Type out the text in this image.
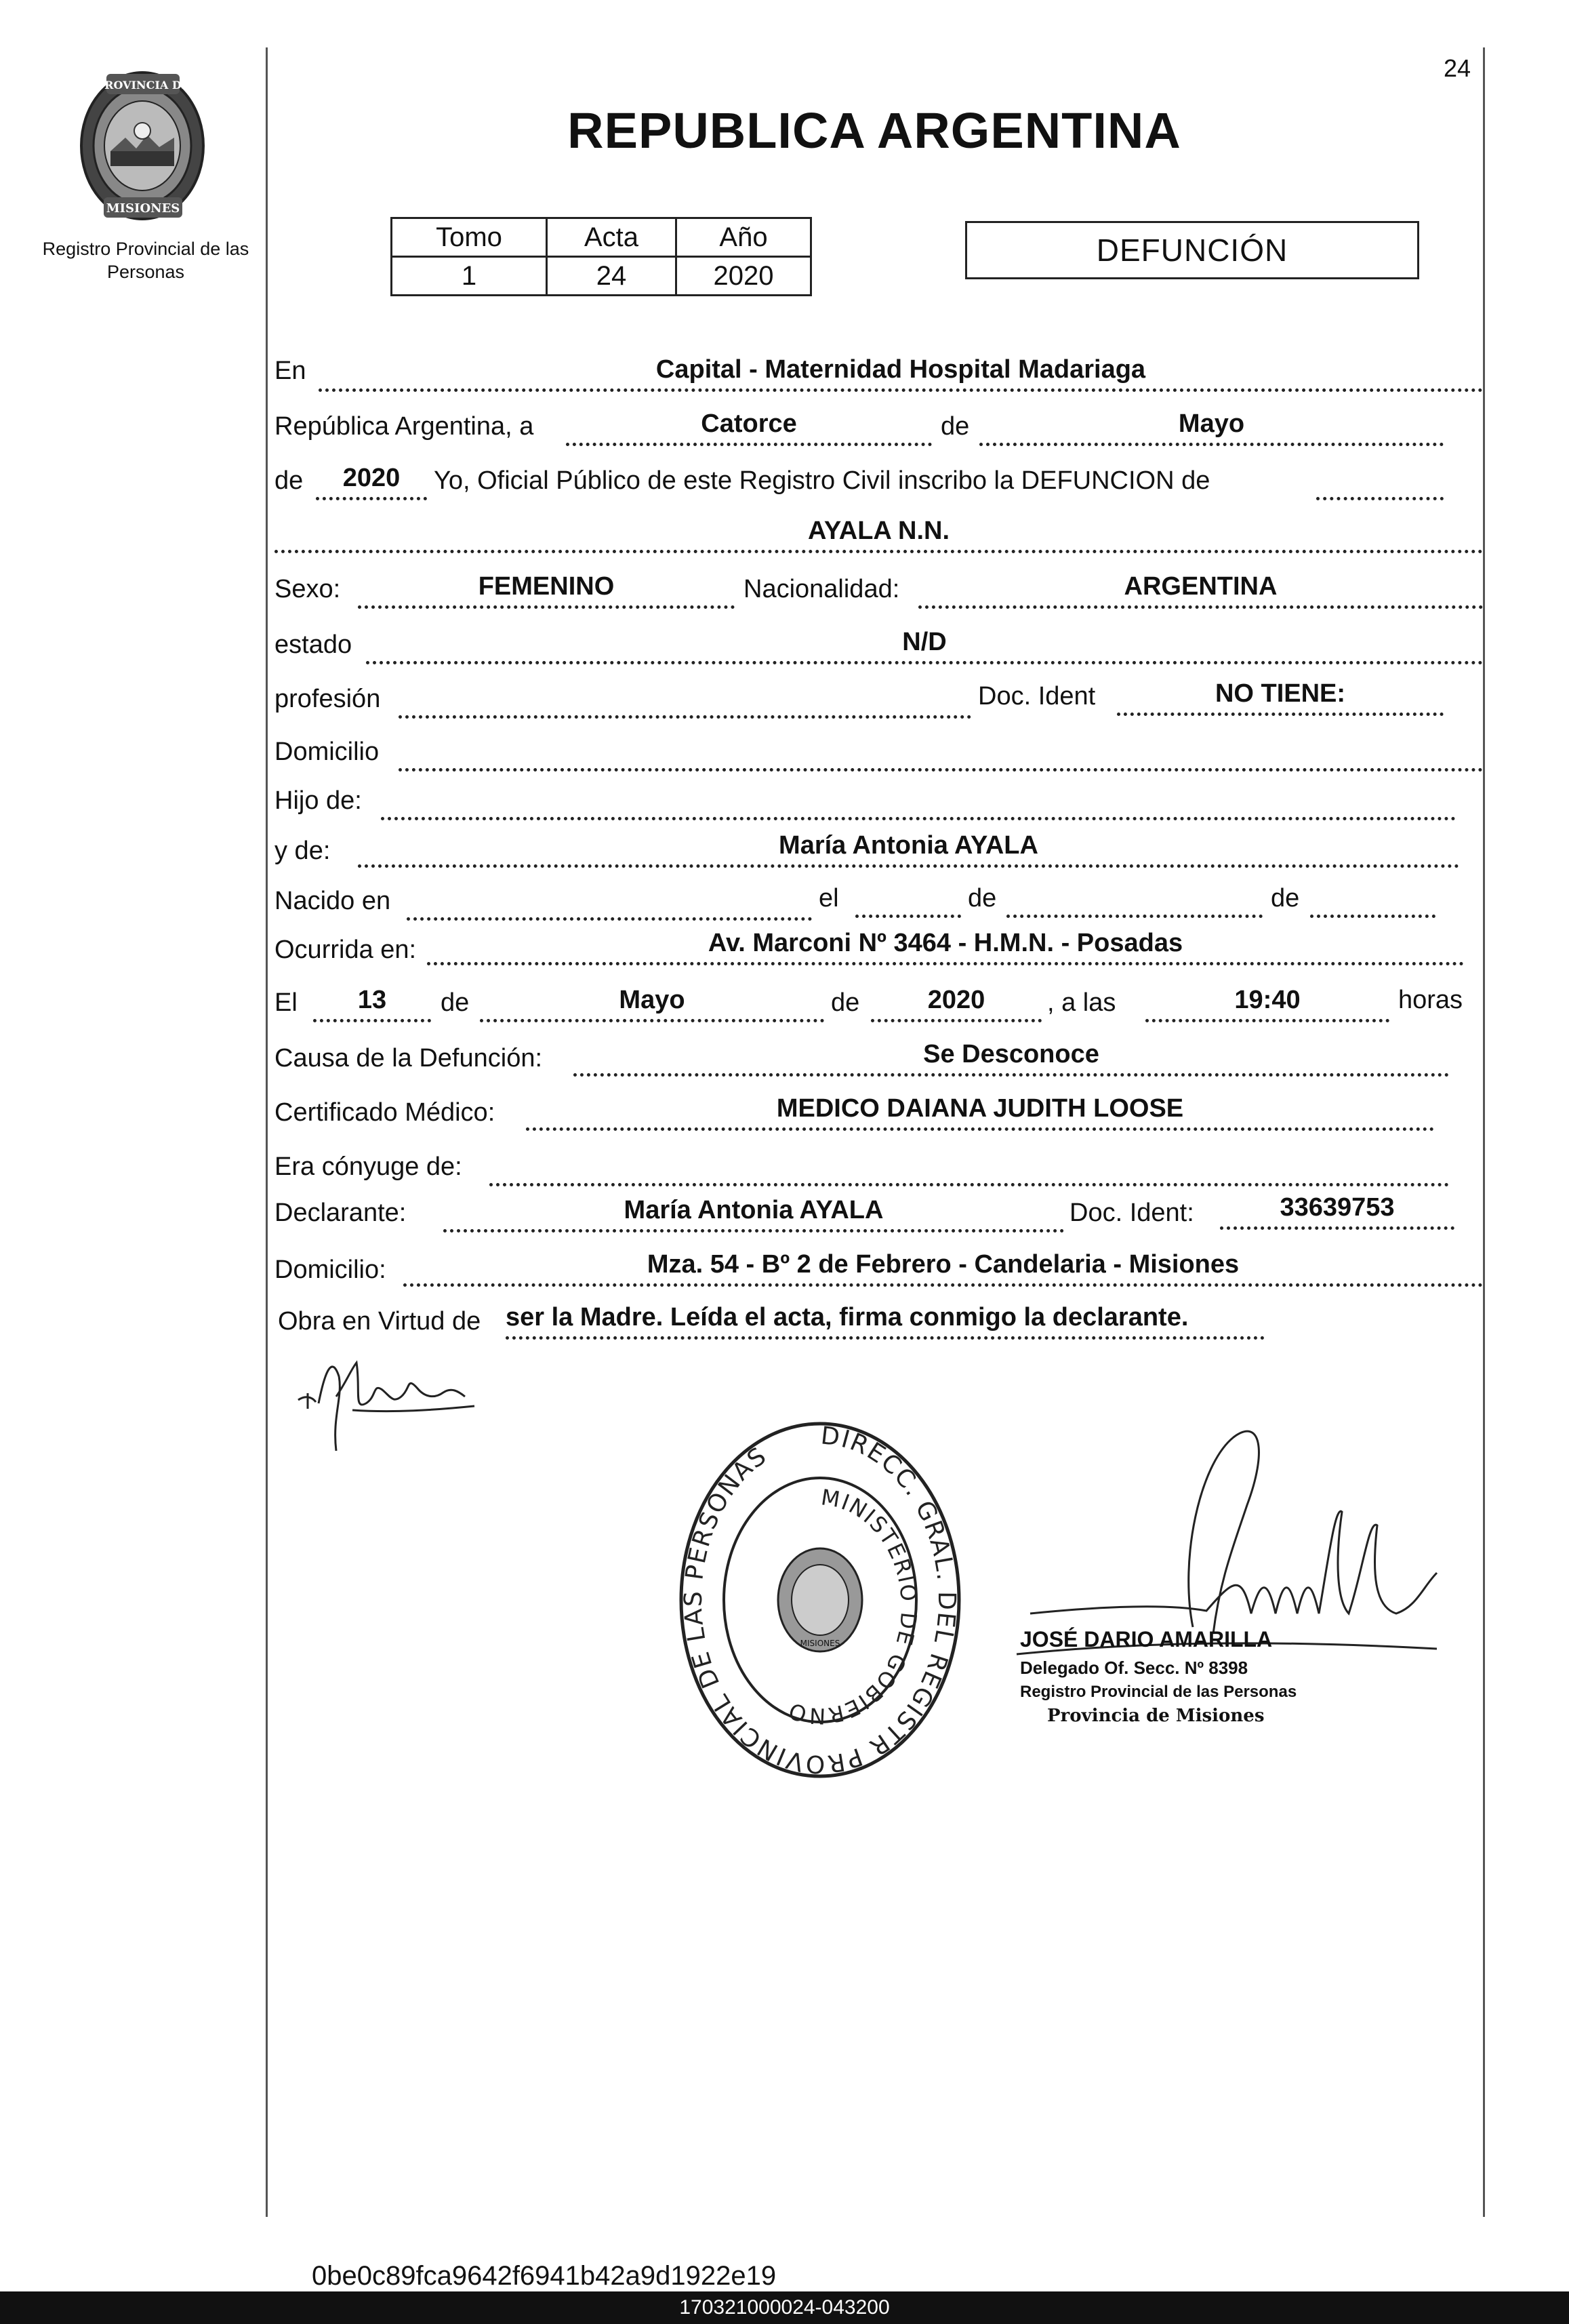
24
PROVINCIA DE
MISIONES
Registro Provincial de las Personas
REPUBLICA ARGENTINA
Tomo	Acta	Año
1	24	2020
DEFUNCIÓN
En	Capital - Maternidad Hospital Madariaga
República Argentina, a	Catorce	de	Mayo
de	2020	Yo, Oficial Público de este Registro Civil inscribo la DEFUNCION de
AYALA N.N.
Sexo:	FEMENINO	Nacionalidad:	ARGENTINA
estado	N/D
profesión	Doc. Ident	NO TIENE:
Domicilio
Hijo de:
y de:	María Antonia AYALA
Nacido en	el	de	de
Ocurrida en:	Av. Marconi Nº 3464 - H.M.N. - Posadas
El	13	de	Mayo	de	2020	, a las	19:40	horas
Causa de la Defunción:	Se Desconoce
Certificado Médico:	MEDICO DAIANA JUDITH LOOSE
Era cónyuge de:
Declarante:	María Antonia AYALA	Doc. Ident:	33639753
Domicilio:	Mza. 54 - Bº 2 de Febrero - Candelaria - Misiones
Obra en Virtud de ser la Madre. Leída el acta, firma conmigo la declarante.
DIRECC. GRAL. DEL REGISTR PROVINCIAL DE LAS PERSONAS
MINISTERIO DE GOBIERNO
MISIONES	JOSÉ DARIO AMARILLA
Delegado Of. Secc. Nº 8398
Registro Provincial de las Personas
Provincia de Misiones
0be0c89fca9642f6941b42a9d1922e19
170321000024-043200
